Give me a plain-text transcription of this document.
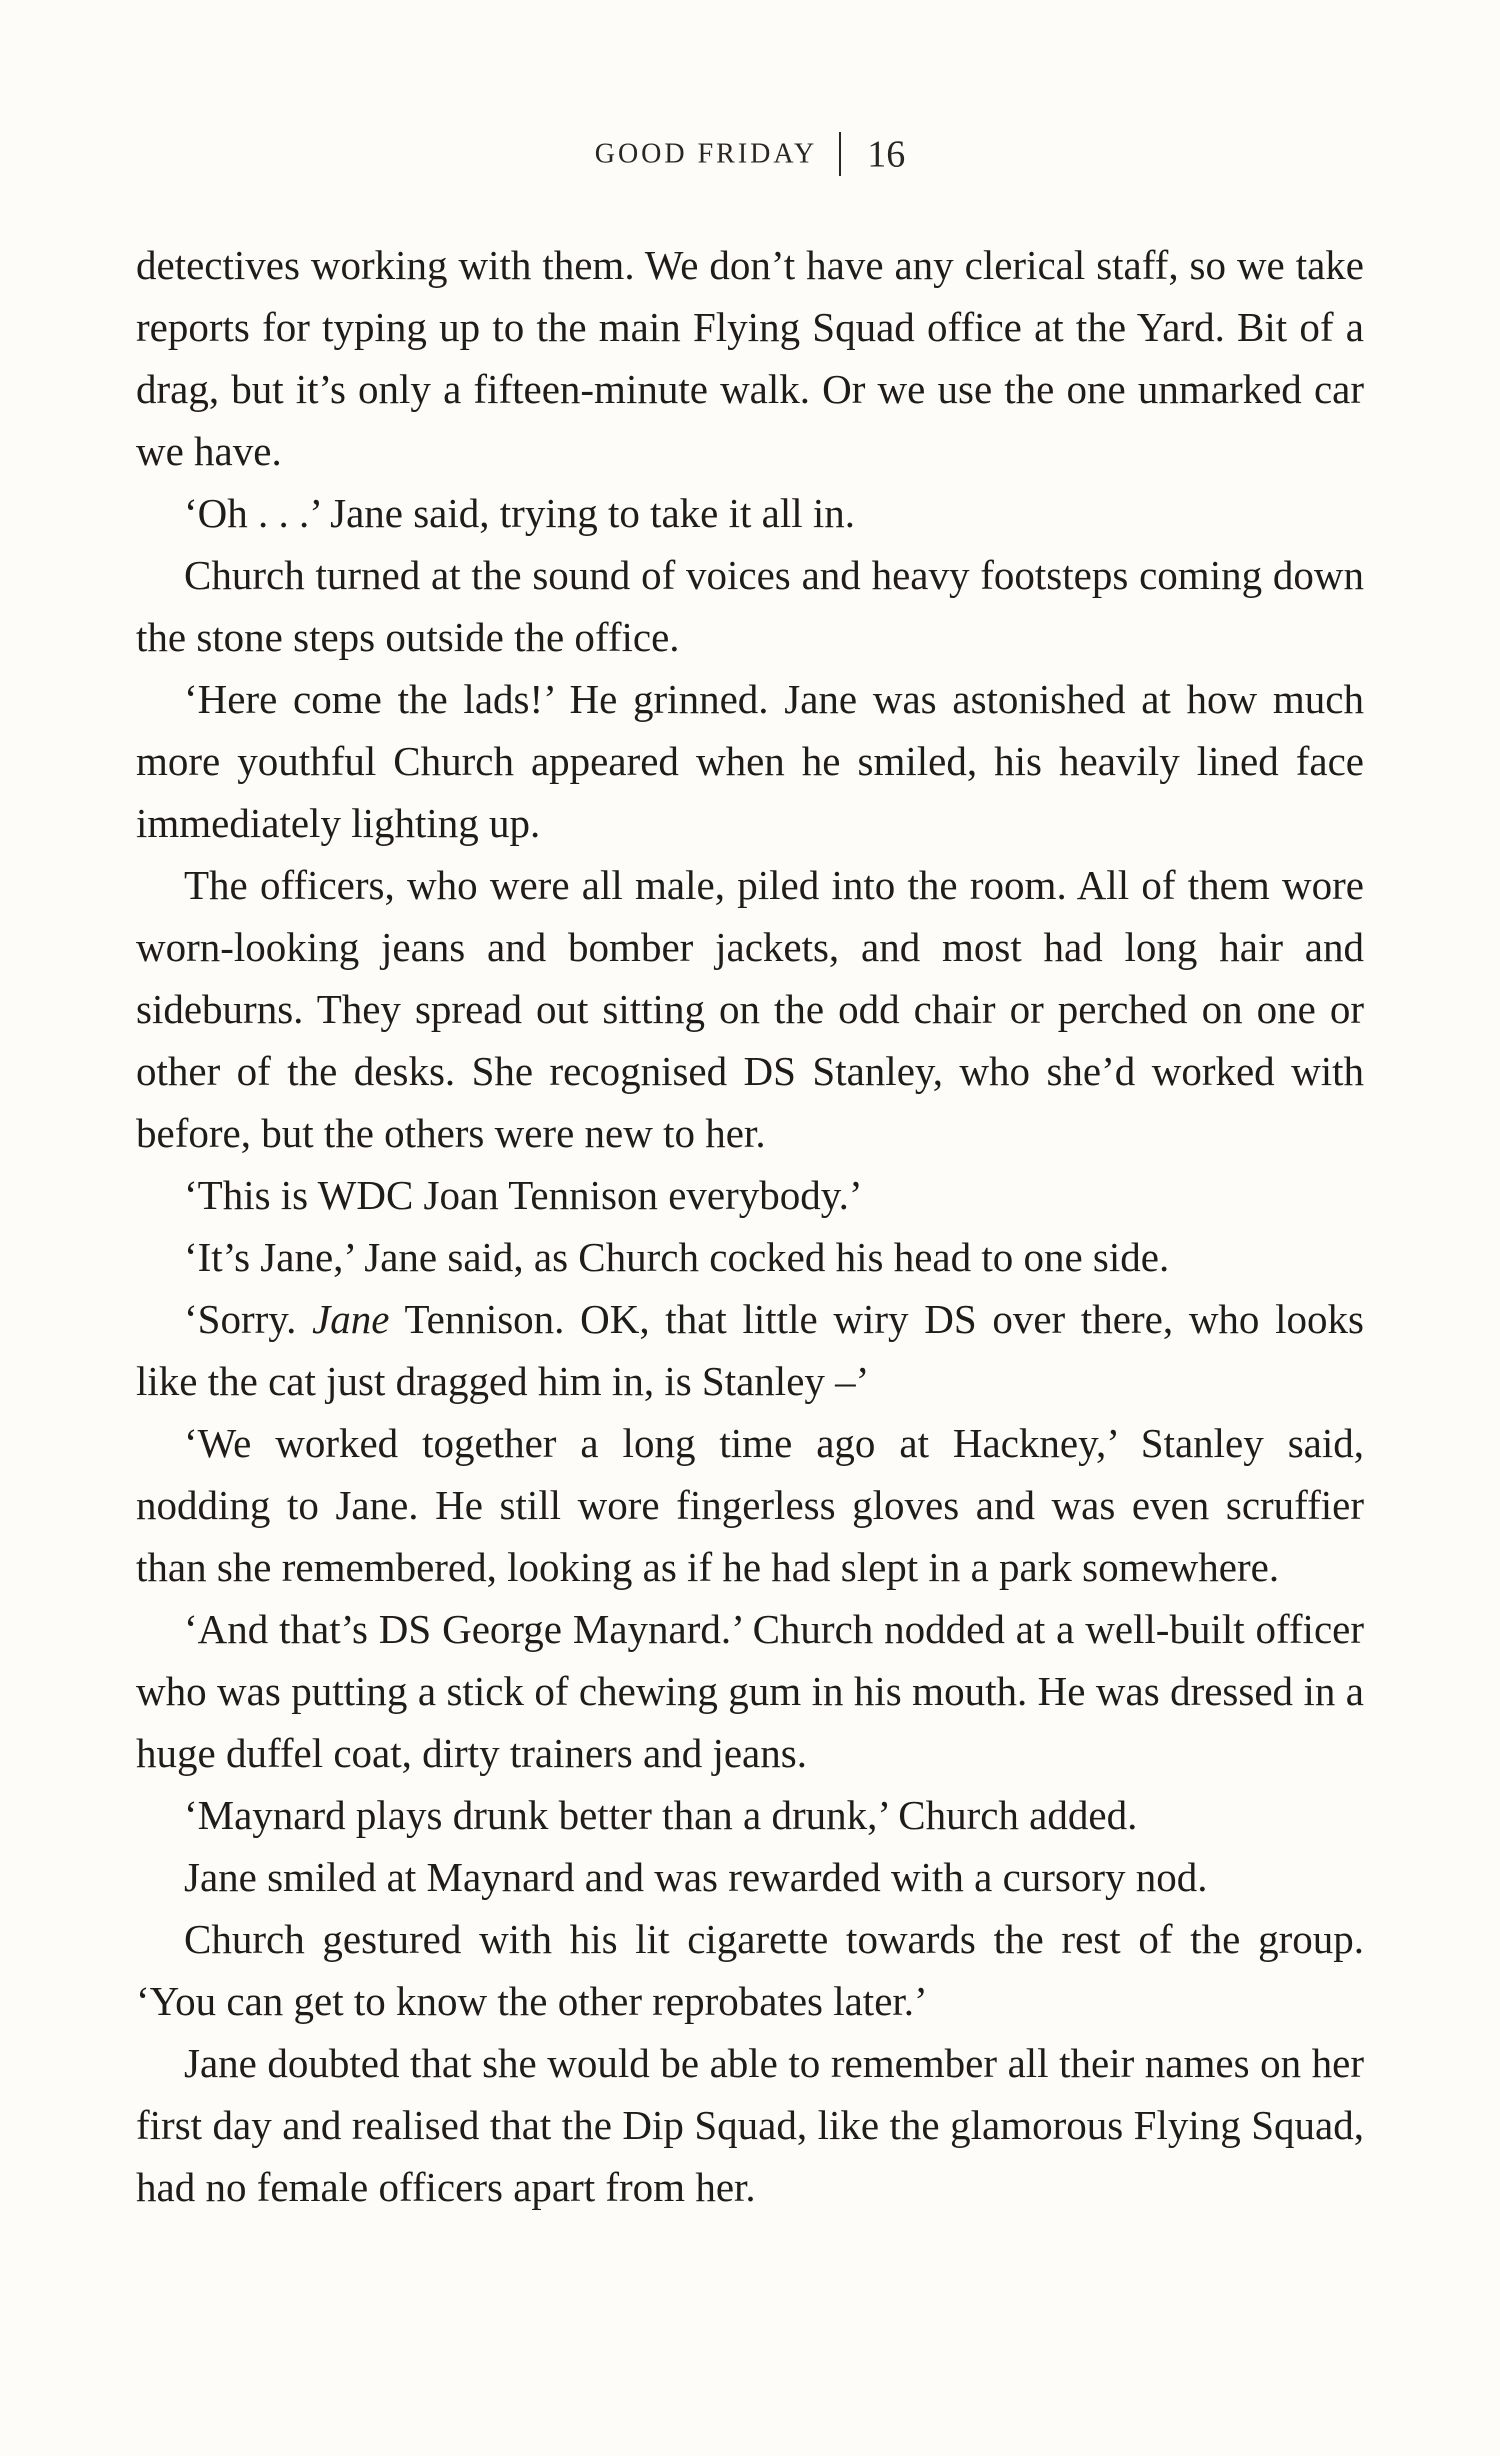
GOOD FRIDAY 16

detectives working with them. We don’t have any clerical staff, so we take reports for typing up to the main Flying Squad office at the Yard. Bit of a drag, but it’s only a fifteen-minute walk. Or we use the one unmarked car we have.

‘Oh . . .’ Jane said, trying to take it all in.

Church turned at the sound of voices and heavy footsteps coming down the stone steps outside the office.

‘Here come the lads!’ He grinned. Jane was astonished at how much more youthful Church appeared when he smiled, his heavily lined face immediately lighting up.

The officers, who were all male, piled into the room. All of them wore worn-looking jeans and bomber jackets, and most had long hair and sideburns. They spread out sitting on the odd chair or perched on one or other of the desks. She recognised DS Stanley, who she’d worked with before, but the others were new to her.

‘This is WDC Joan Tennison everybody.’

‘It’s Jane,’ Jane said, as Church cocked his head to one side.

‘Sorry. Jane Tennison. OK, that little wiry DS over there, who looks like the cat just dragged him in, is Stanley –’

‘We worked together a long time ago at Hackney,’ Stanley said, nodding to Jane. He still wore fingerless gloves and was even scruffier than she remembered, looking as if he had slept in a park somewhere.

‘And that’s DS George Maynard.’ Church nodded at a well-built officer who was putting a stick of chewing gum in his mouth. He was dressed in a huge duffel coat, dirty trainers and jeans.

‘Maynard plays drunk better than a drunk,’ Church added.

Jane smiled at Maynard and was rewarded with a cursory nod.

Church gestured with his lit cigarette towards the rest of the group. ‘You can get to know the other reprobates later.’

Jane doubted that she would be able to remember all their names on her first day and realised that the Dip Squad, like the glamorous Flying Squad, had no female officers apart from her.
